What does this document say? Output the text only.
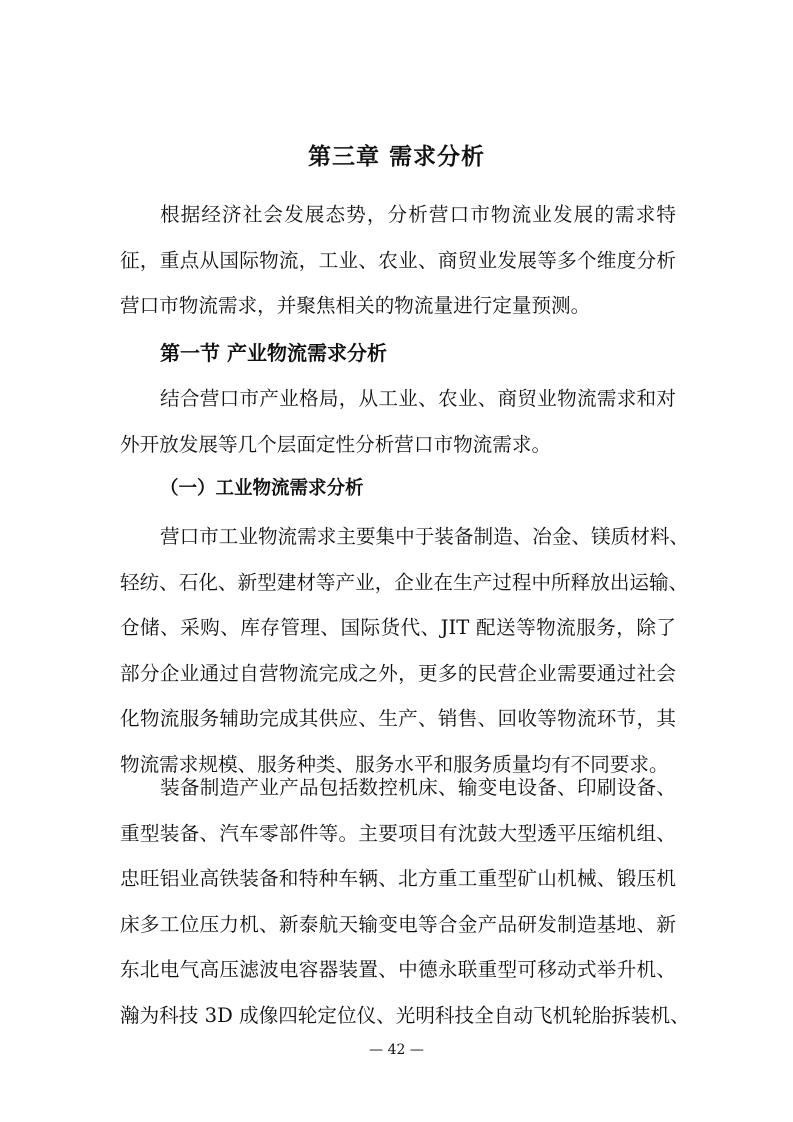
第三章 需求分析
根据经济社会发展态势，分析营口市物流业发展的需求特
征，重点从国际物流，工业、农业、商贸业发展等多个维度分析
营口市物流需求，并聚焦相关的物流量进行定量预测。
第一节 产业物流需求分析
结合营口市产业格局，从工业、农业、商贸业物流需求和对
外开放发展等几个层面定性分析营口市物流需求。
（一）工业物流需求分析
营口市工业物流需求主要集中于装备制造、冶金、镁质材料、
轻纺、石化、新型建材等产业，企业在生产过程中所释放出运输、
仓储、采购、库存管理、国际货代、JIT 配送等物流服务，除了
部分企业通过自营物流完成之外，更多的民营企业需要通过社会
化物流服务辅助完成其供应、生产、销售、回收等物流环节，其
物流需求规模、服务种类、服务水平和服务质量均有不同要求。
装备制造产业产品包括数控机床、输变电设备、印刷设备、
重型装备、汽车零部件等。主要项目有沈鼓大型透平压缩机组、
忠旺铝业高铁装备和特种车辆、北方重工重型矿山机械、锻压机
床多工位压力机、新泰航天输变电等合金产品研发制造基地、新
东北电气高压滤波电容器装置、中德永联重型可移动式举升机、
瀚为科技 3D 成像四轮定位仪、光明科技全自动飞机轮胎拆装机、
— 42 —
